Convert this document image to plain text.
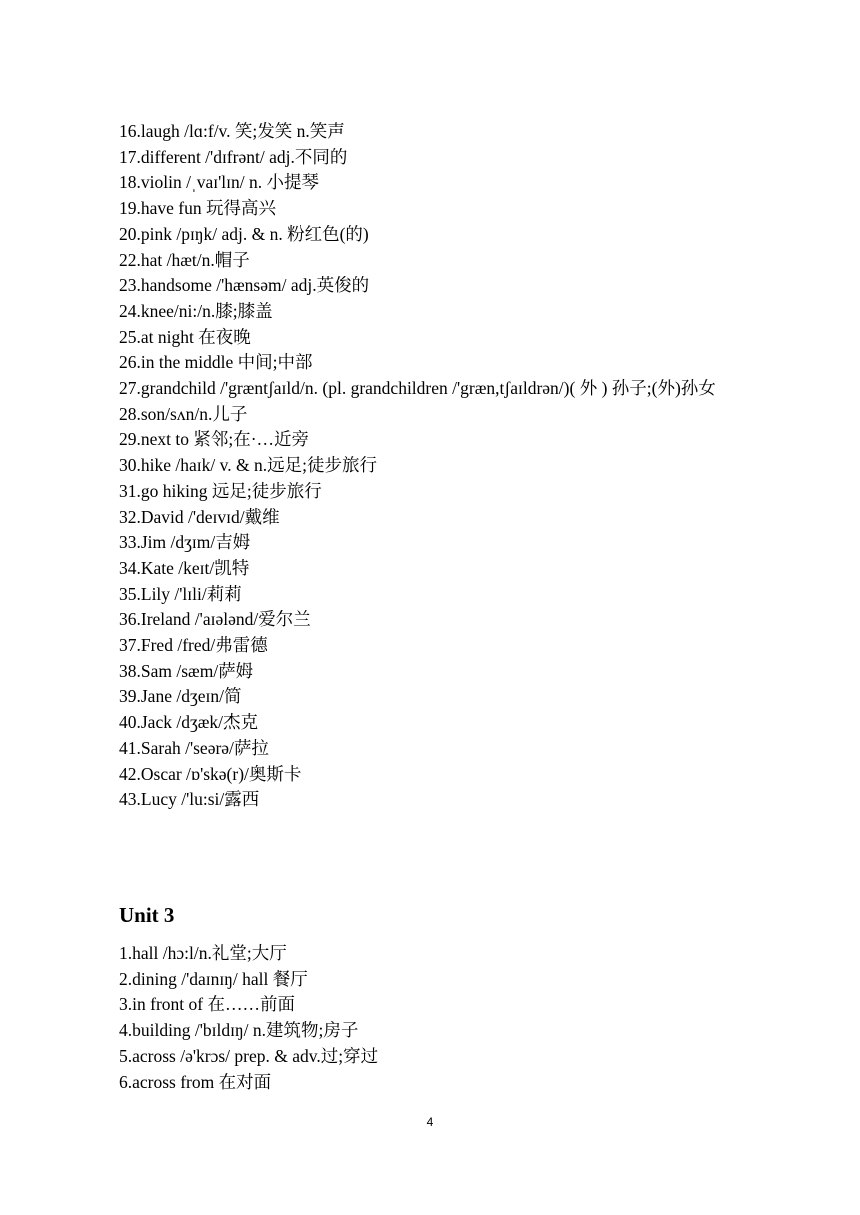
16.laugh /lɑ:f/v. 笑;发笑 n.笑声
17.different /'dɪfrənt/ adj.不同的
18.violin /ˌvaɪ'lɪn/ n. 小提琴
19.have fun 玩得高兴
20.pink /pɪŋk/ adj. & n. 粉红色(的)
22.hat /hæt/n.帽子
23.handsome /'hænsəm/ adj.英俊的
24.knee/ni:/n.膝;膝盖
25.at night 在夜晚
26.in the middle 中间;中部
27.grandchild /'græntʃaɪld/n. (pl. grandchildren /'græn,tʃaɪldrən/)( 外 ) 孙子;(外)孙女
28.son/sʌn/n.儿子
29.next to 紧邻;在·…近旁
30.hike /haɪk/ v. & n.远足;徒步旅行
31.go hiking 远足;徒步旅行
32.David /'deɪvɪd/戴维
33.Jim /dʒɪm/吉姆
34.Kate /keɪt/凯特
35.Lily /'lɪli/莉莉
36.Ireland /'aɪələnd/爱尔兰
37.Fred /fred/弗雷德
38.Sam /sæm/萨姆
39.Jane /dʒeɪn/简
40.Jack /dʒæk/杰克
41.Sarah /'seərə/萨拉
42.Oscar /ɒ'skə(r)/奥斯卡
43.Lucy /'lu:si/露西
Unit 3
1.hall /hɔ:l/n.礼堂;大厅
2.dining /'daɪnɪŋ/ hall 餐厅
3.in front of 在……前面
4.building /'bɪldɪŋ/ n.建筑物;房子
5.across /ə'krɔs/ prep. & adv.过;穿过
6.across from 在对面
4
